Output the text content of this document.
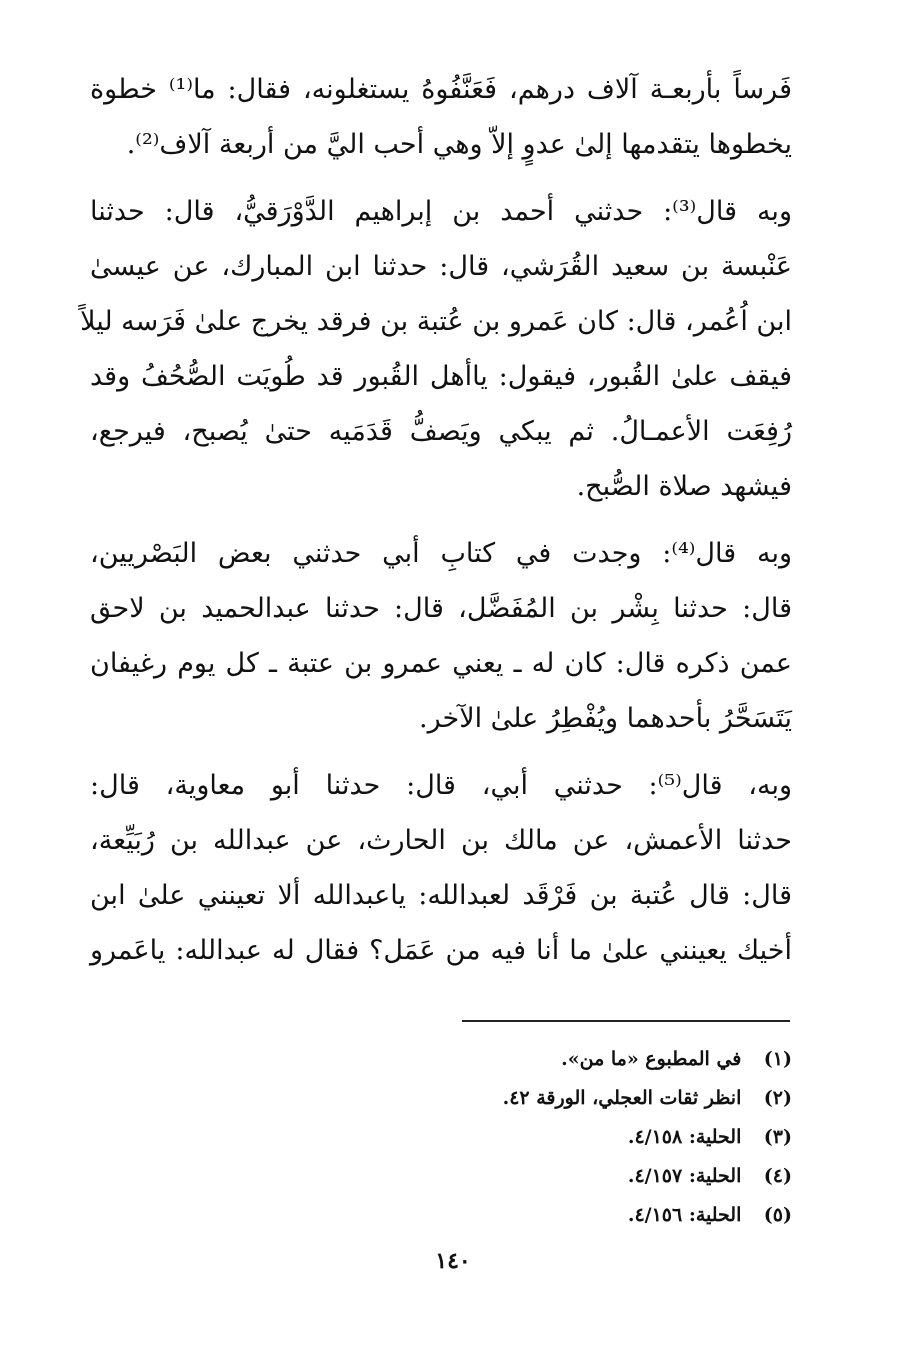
فَرساً بأربعـة آلاف درهم، فَعَنَّفُوهُ يستغلونه، فقال: ما⁽¹⁾ خطوة
يخطوها يتقدمها إلىٰ عدوٍ إلاّ وهي أحب اليَّ من أربعة آلاف⁽²⁾.

وبه قال⁽³⁾: حدثني أحمد بن إبراهيم الدَّوْرَقيُّ، قال: حدثنا
عَنْبسة بن سعيد القُرَشي، قال: حدثنا ابن المبارك، عن عيسىٰ
ابن اُعُمر، قال: كان عَمرو بن عُتبة بن فرقد يخرج علىٰ فَرَسه ليلاً
فيقف علىٰ القُبور، فيقول: ياأهل القُبور قد طُويَت الصُّحُفُ وقد
رُفِعَت الأعمـالُ. ثم يبكي ويَصفُّ قَدَمَيه حتىٰ يُصبح، فيرجع،
فيشهد صلاة الصُّبح.

وبه قال⁽⁴⁾: وجدت في كتابِ أبي حدثني بعض البَصْريين،
قال: حدثنا بِشْر بن المُفَضَّل، قال: حدثنا عبدالحميد بن لاحق
عمن ذكره قال: كان له ـ يعني عمرو بن عتبة ـ كل يوم رغيفان
يَتَسَحَّرُ بأحدهما ويُفْطِرُ علىٰ الآخر.

وبه، قال⁽⁵⁾: حدثني أبي، قال: حدثنا أبو معاوية، قال:
حدثنا الأعمش، عن مالك بن الحارث، عن عبدالله بن رُبَيِّعة،
قال: قال عُتبة بن فَرْقَد لعبدالله: ياعبدالله ألا تعينني علىٰ ابن
أخيك يعينني علىٰ ما أنا فيه من عَمَل؟ فقال له عبدالله: ياعَمرو

(١) في المطبوع «ما من».
(٢) انظر ثقات العجلي، الورقة ٤٢.
(٣) الحلية: ٤/١٥٨.
(٤) الحلية: ٤/١٥٧.
(٥) الحلية: ٤/١٥٦.
١٤٠
